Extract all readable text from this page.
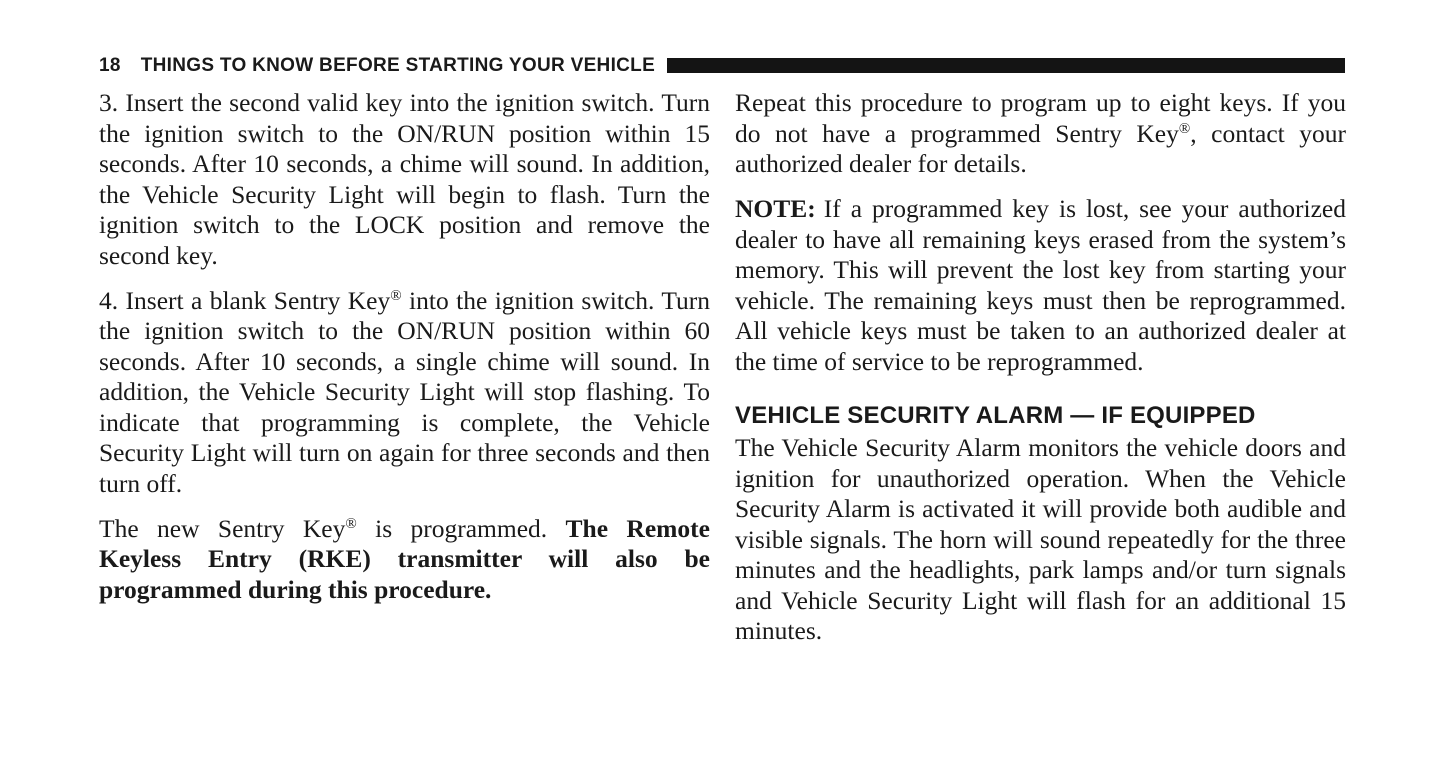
18 THINGS TO KNOW BEFORE STARTING YOUR VEHICLE

3. Insert the second valid key into the ignition switch. Turn the ignition switch to the ON/RUN position within 15 seconds. After 10 seconds, a chime will sound. In addition, the Vehicle Security Light will begin to flash. Turn the ignition switch to the LOCK position and remove the second key.

4. Insert a blank Sentry Key® into the ignition switch. Turn the ignition switch to the ON/RUN position within 60 seconds. After 10 seconds, a single chime will sound. In addition, the Vehicle Security Light will stop flashing. To indicate that programming is complete, the Vehicle Security Light will turn on again for three seconds and then turn off.

The new Sentry Key® is programmed. The Remote Keyless Entry (RKE) transmitter will also be programmed during this procedure.

Repeat this procedure to program up to eight keys. If you do not have a programmed Sentry Key®, contact your authorized dealer for details.

NOTE: If a programmed key is lost, see your authorized dealer to have all remaining keys erased from the system’s memory. This will prevent the lost key from starting your vehicle. The remaining keys must then be reprogrammed. All vehicle keys must be taken to an authorized dealer at the time of service to be reprogrammed.

VEHICLE SECURITY ALARM — IF EQUIPPED

The Vehicle Security Alarm monitors the vehicle doors and ignition for unauthorized operation. When the Vehicle Security Alarm is activated it will provide both audible and visible signals. The horn will sound repeatedly for the three minutes and the headlights, park lamps and/or turn signals and Vehicle Security Light will flash for an additional 15 minutes.
